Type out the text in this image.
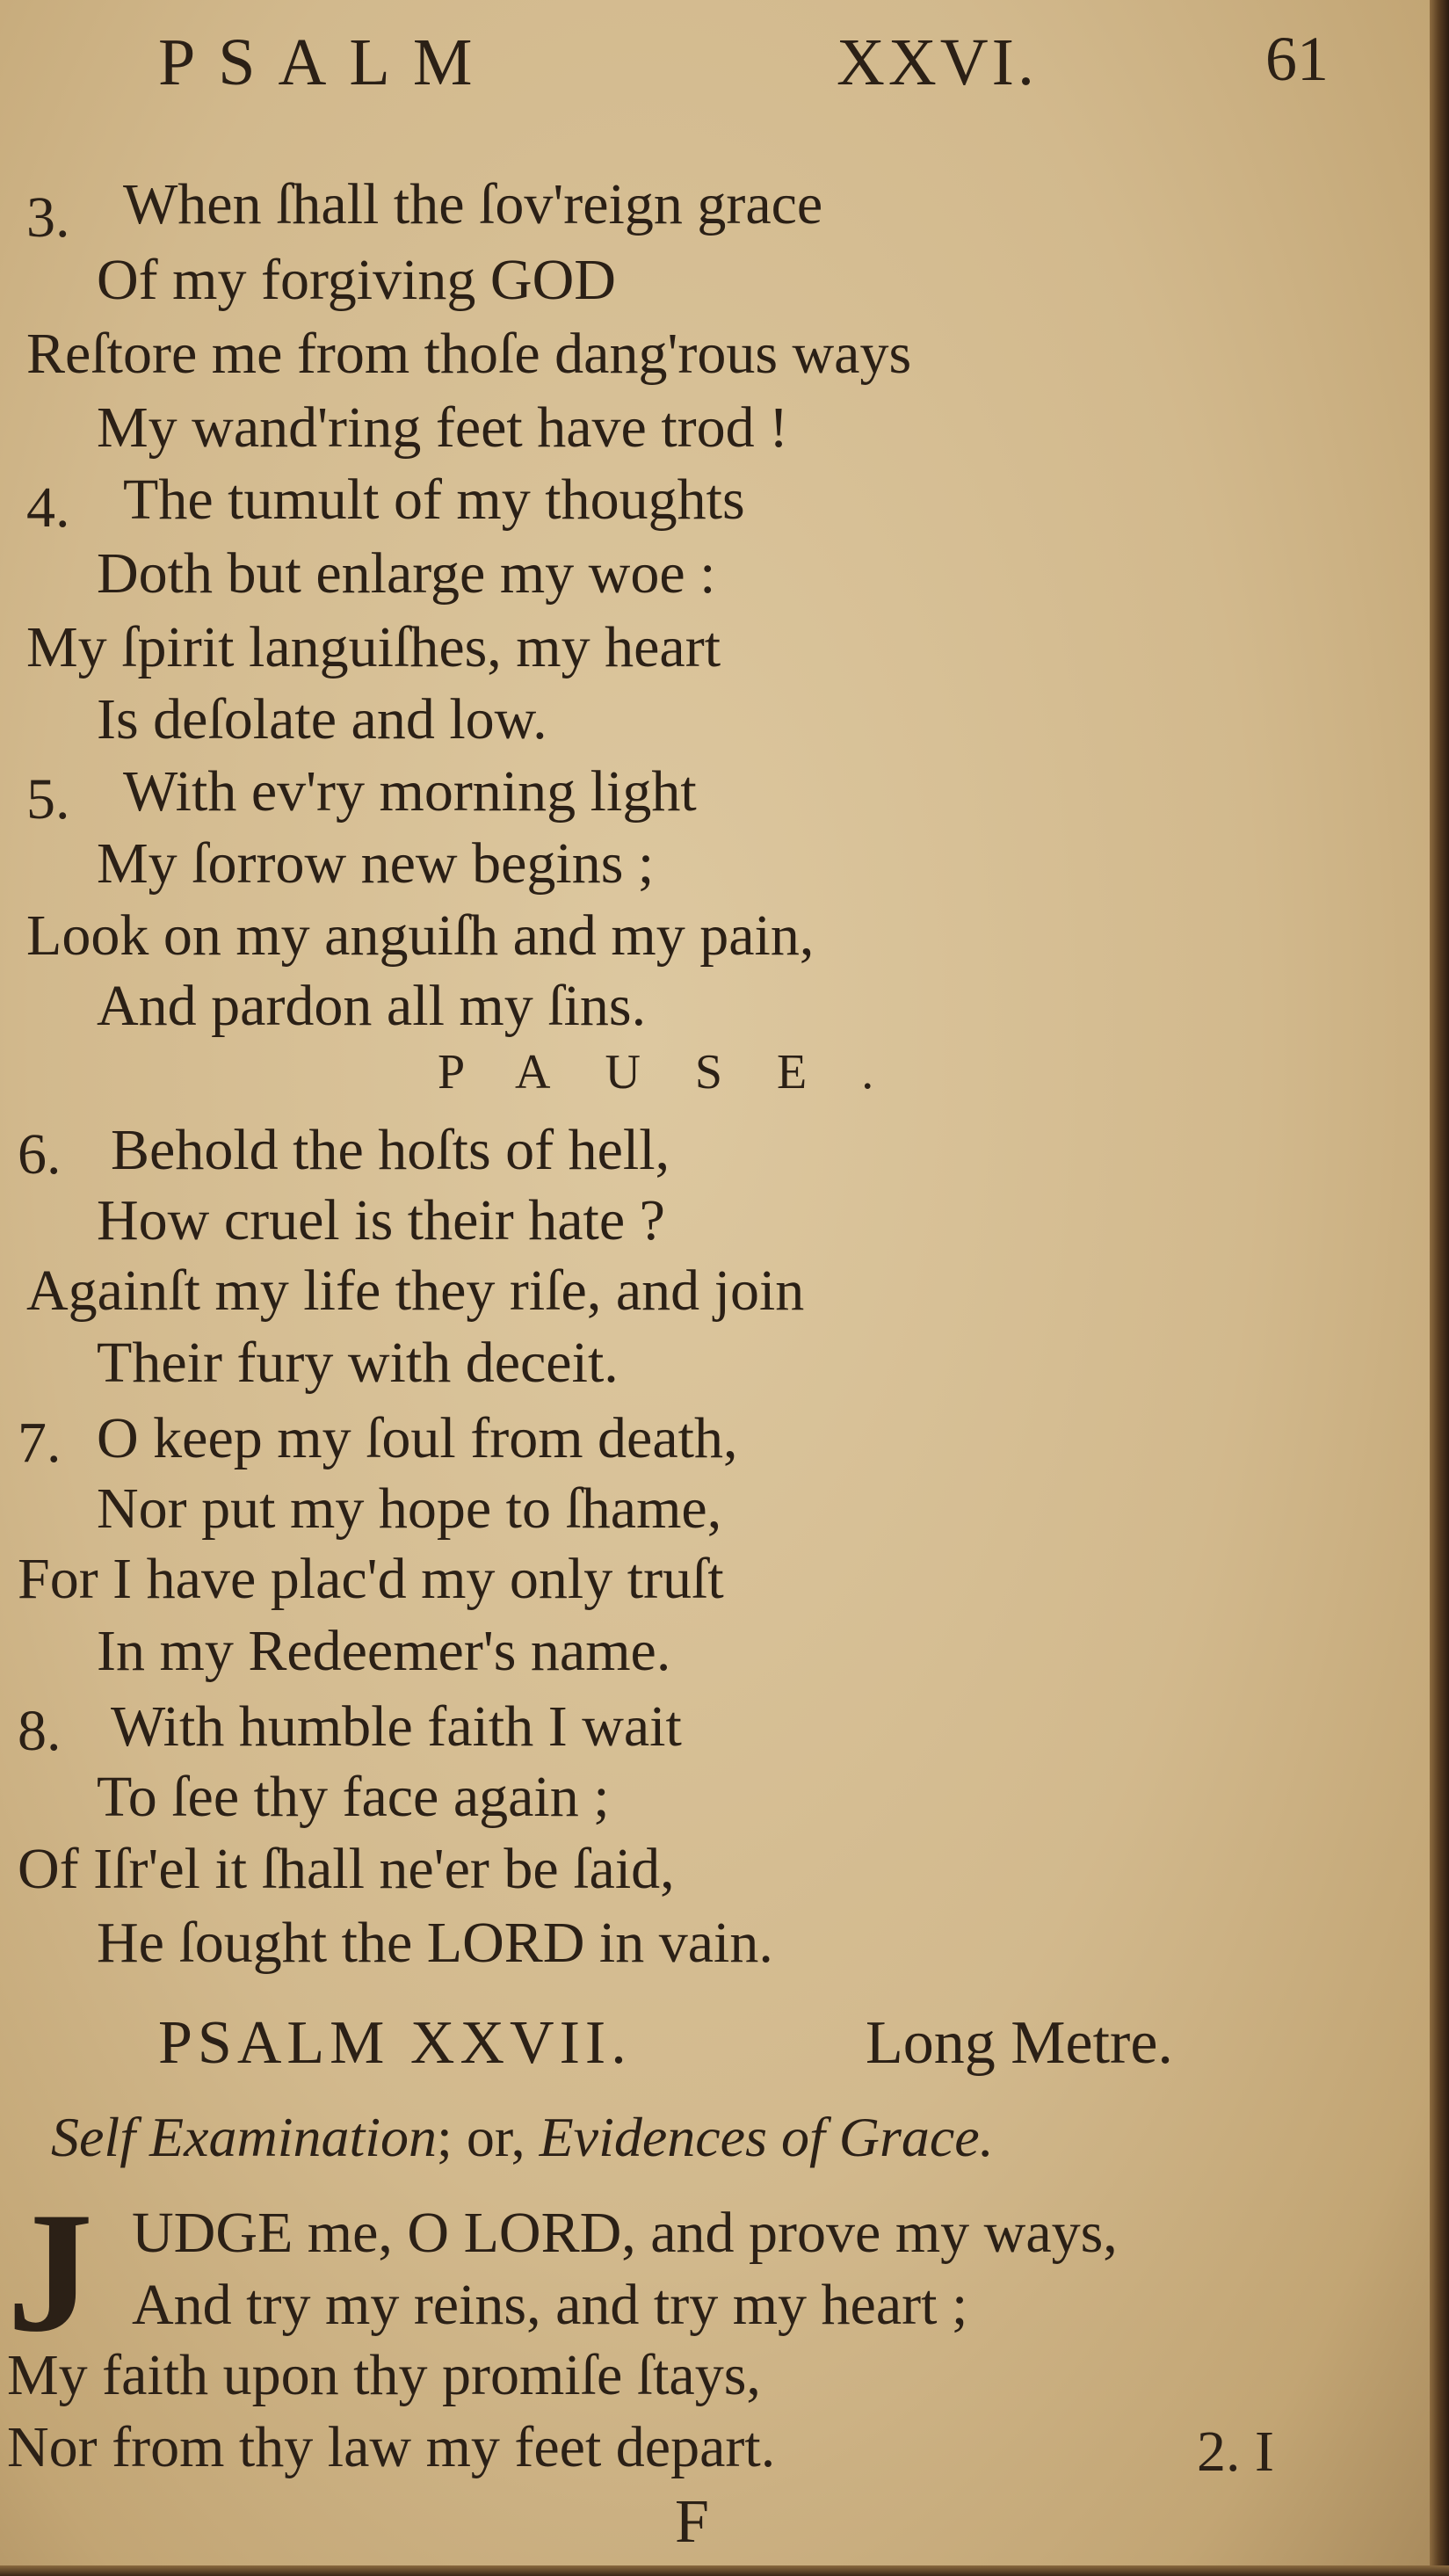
PSALM	XXVI.	61
3. When ſhall the ſov'reign grace
Of my forgiving GOD
Reſtore me from thoſe dang'rous ways
My wand'ring feet have trod !
4. The tumult of my thoughts
Doth but enlarge my woe :
My ſpirit languiſhes, my heart
Is deſolate and low.
5. With ev'ry morning light
My ſorrow new begins ;
Look on my anguiſh and my pain,
And pardon all my ſins.
PAUSE.
6. Behold the hoſts of hell,
How cruel is their hate ?
Againſt my life they riſe, and join
Their fury with deceit.
7. O keep my ſoul from death,
Nor put my hope to ſhame,
For I have plac'd my only truſt
In my Redeemer's name.
8. With humble faith I wait
To ſee thy face again ;
Of Iſr'el it ſhall ne'er be ſaid,
He ſought the LORD in vain.
PSALM XXVII.	Long Metre.
Self Examination; or, Evidences of Grace.
J UDGE me, O LORD, and prove my ways,
And try my reins, and try my heart ;
My faith upon thy promiſe ſtays,
Nor from thy law my feet depart.	2. I
F
